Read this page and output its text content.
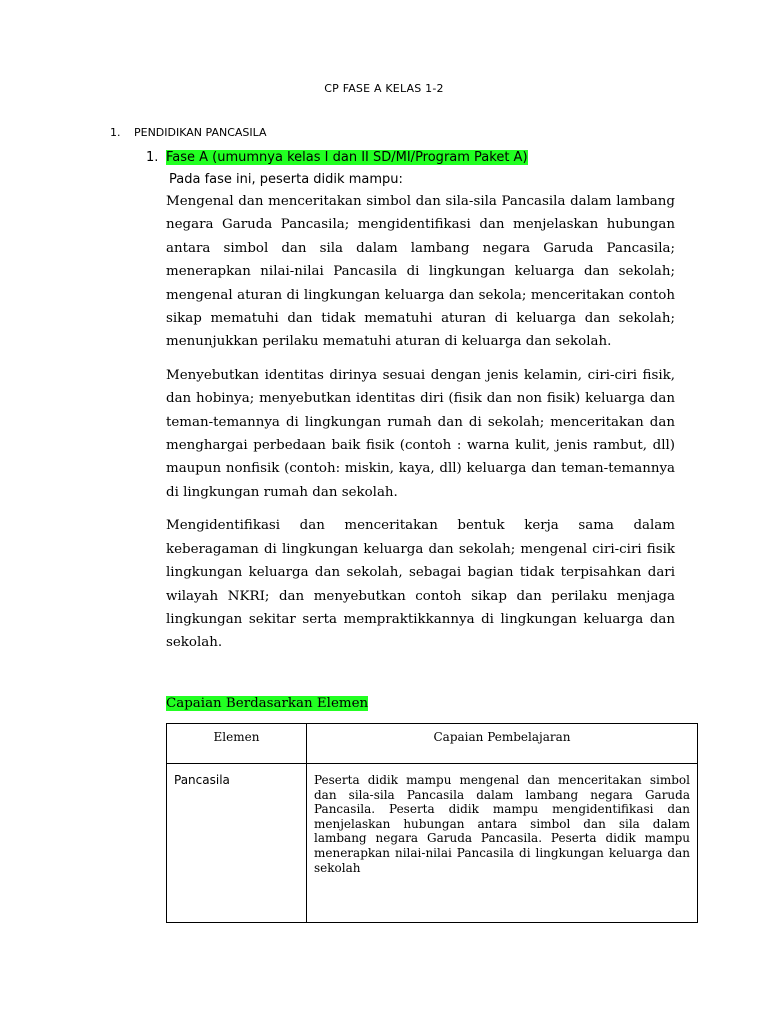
CP FASE A KELAS 1-2
1. PENDIDIKAN PANCASILA
1. Fase A (umumnya kelas I dan II SD/MI/Program Paket A)
Pada fase ini, peserta didik mampu:

Mengenal dan menceritakan simbol dan sila-sila Pancasila dalam lambang negara Garuda Pancasila; mengidentifikasi dan menjelaskan hubungan antara simbol dan sila dalam lambang negara Garuda Pancasila; menerapkan nilai-nilai Pancasila di lingkungan keluarga dan sekolah; mengenal aturan di lingkungan keluarga dan sekola; menceritakan contoh sikap mematuhi dan tidak mematuhi aturan di keluarga dan sekolah; menunjukkan perilaku mematuhi aturan di keluarga dan sekolah.

Menyebutkan identitas dirinya sesuai dengan jenis kelamin, ciri-ciri fisik, dan hobinya; menyebutkan identitas diri (fisik dan non fisik) keluarga dan teman-temannya di lingkungan rumah dan di sekolah; menceritakan dan menghargai perbedaan baik fisik (contoh : warna kulit, jenis rambut, dll) maupun nonfisik (contoh: miskin, kaya, dll) keluarga dan teman-temannya di lingkungan rumah dan sekolah.

Mengidentifikasi dan menceritakan bentuk kerja sama dalam keberagaman di lingkungan keluarga dan sekolah; mengenal ciri-ciri fisik lingkungan keluarga dan sekolah, sebagai bagian tidak terpisahkan dari wilayah NKRI; dan menyebutkan contoh sikap dan perilaku menjaga lingkungan sekitar serta mempraktikkannya di lingkungan keluarga dan sekolah.

Capaian Berdasarkan Elemen
Elemen	Capaian Pembelajaran
Pancasila	Peserta didik mampu mengenal dan menceritakan simbol dan sila-sila Pancasila dalam lambang negara Garuda Pancasila. Peserta didik mampu mengidentifikasi dan menjelaskan hubungan antara simbol dan sila dalam lambang negara Garuda Pancasila. Peserta didik mampu menerapkan nilai-nilai Pancasila di lingkungan keluarga dan sekolah
